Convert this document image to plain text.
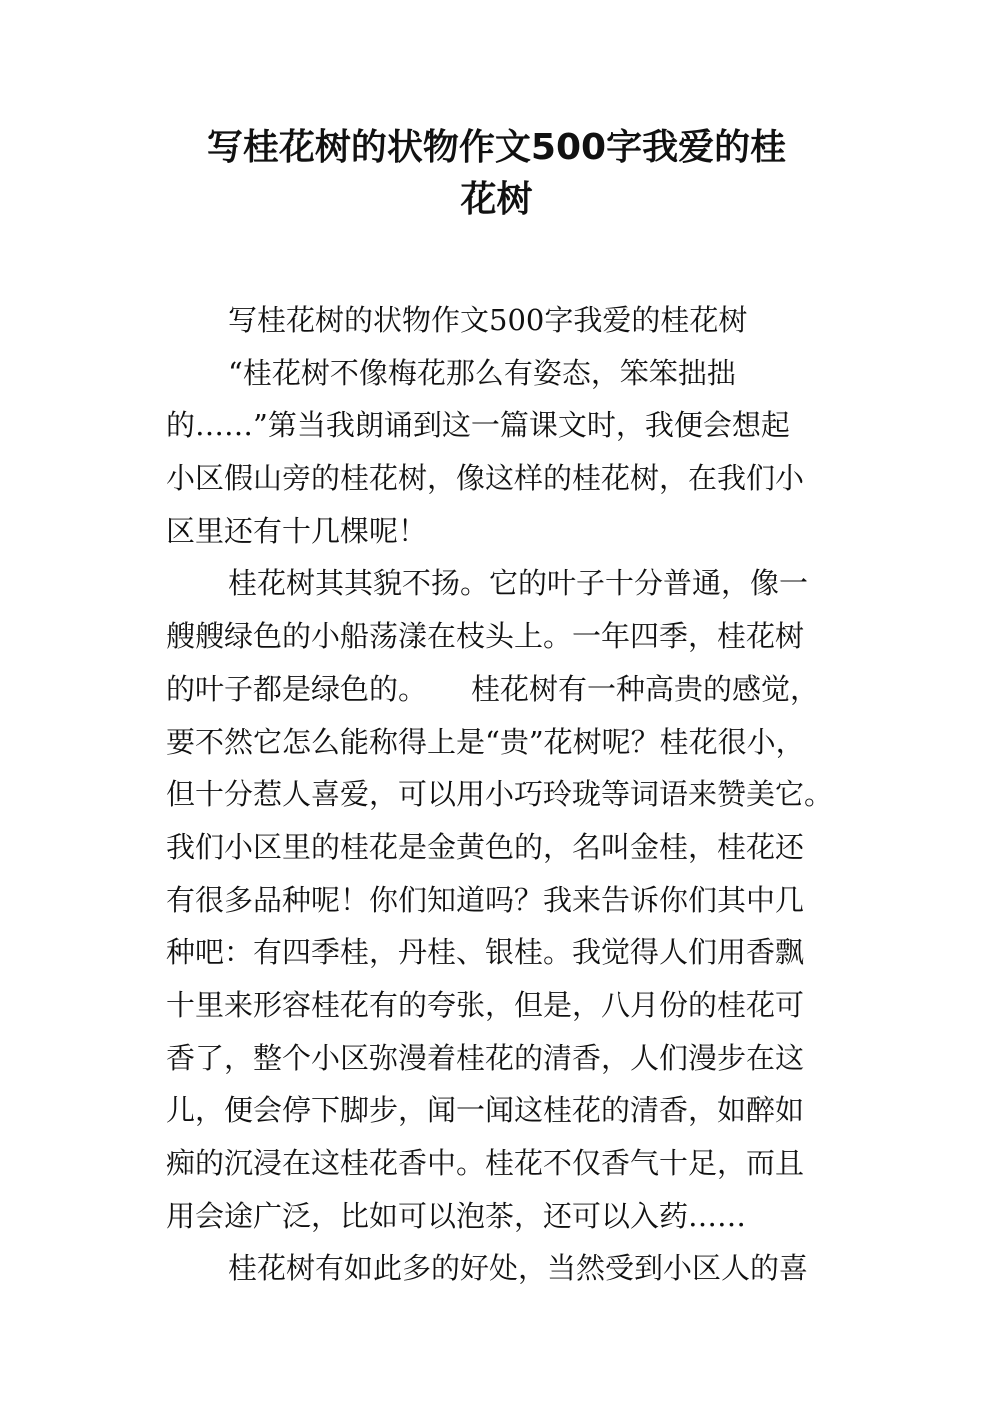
写桂花树的状物作文500字我爱的桂
花树
写桂花树的状物作文500字我爱的桂花树
“桂花树不像梅花那么有姿态，笨笨拙拙
的……”第当我朗诵到这一篇课文时，我便会想起
小区假山旁的桂花树，像这样的桂花树，在我们小
区里还有十几棵呢！
桂花树其其貌不扬。它的叶子十分普通，像一
艘艘绿色的小船荡漾在枝头上。一年四季，桂花树
的叶子都是绿色的。 桂花树有一种高贵的感觉，
要不然它怎么能称得上是“贵”花树呢？桂花很小，
但十分惹人喜爱，可以用小巧玲珑等词语来赞美它。
我们小区里的桂花是金黄色的，名叫金桂，桂花还
有很多品种呢！你们知道吗？我来告诉你们其中几
种吧：有四季桂，丹桂、银桂。我觉得人们用香飘
十里来形容桂花有的夸张，但是，八月份的桂花可
香了，整个小区弥漫着桂花的清香，人们漫步在这
儿，便会停下脚步，闻一闻这桂花的清香，如醉如
痴的沉浸在这桂花香中。桂花不仅香气十足，而且
用会途广泛，比如可以泡茶，还可以入药……
桂花树有如此多的好处，当然受到小区人的喜
